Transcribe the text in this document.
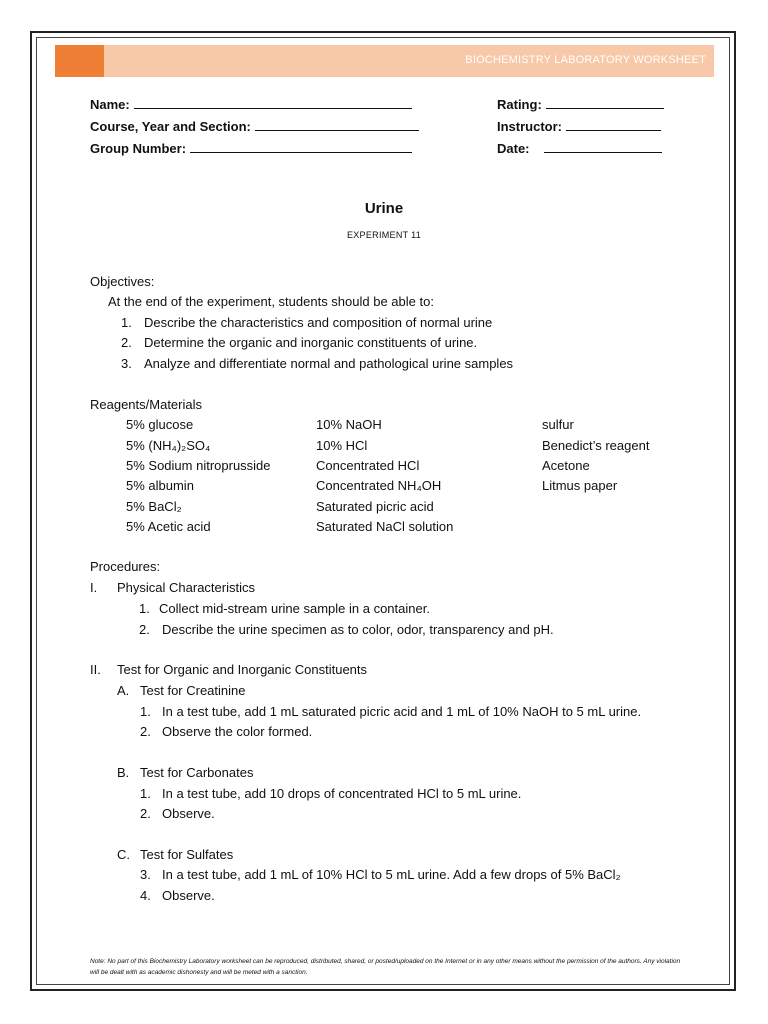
BIOCHEMISTRY LABORATORY WORKSHEET
Name:
Course, Year and Section:
Group Number:
Rating:
Instructor:
Date:
Urine
EXPERIMENT 11
Objectives:
At the end of the experiment, students should be able to:
1. Describe the characteristics and composition of normal urine
2. Determine the organic and inorganic constituents of urine.
3. Analyze and differentiate normal and pathological urine samples
Reagents/Materials
5% glucose
5% (NH₄)₂SO₄
5% Sodium nitroprusside
5% albumin
5% BaCl₂
5% Acetic acid
10% NaOH
10% HCl
Concentrated HCl
Concentrated NH₄OH
Saturated picric acid
Saturated NaCl solution
sulfur
Benedict’s reagent
Acetone
Litmus paper
Procedures:
I. Physical Characteristics
1. Collect mid-stream urine sample in a container.
2. Describe the urine specimen as to color, odor, transparency and pH.
II. Test for Organic and Inorganic Constituents
A. Test for Creatinine
1. In a test tube, add 1 mL saturated picric acid and 1 mL of 10% NaOH to 5 mL urine.
2. Observe the color formed.
B. Test for Carbonates
1. In a test tube, add 10 drops of concentrated HCl to 5 mL urine.
2. Observe.
C. Test for Sulfates
3. In a test tube, add 1 mL of 10% HCl to 5 mL urine. Add a few drops of 5% BaCl₂
4. Observe.
Note: No part of this Biochemistry Laboratory worksheet can be reproduced, distributed, shared, or posted/uploaded on the Internet or in any other means without the permission of the authors. Any violation will be dealt with as academic dishonesty and will be meted with a sanction.
